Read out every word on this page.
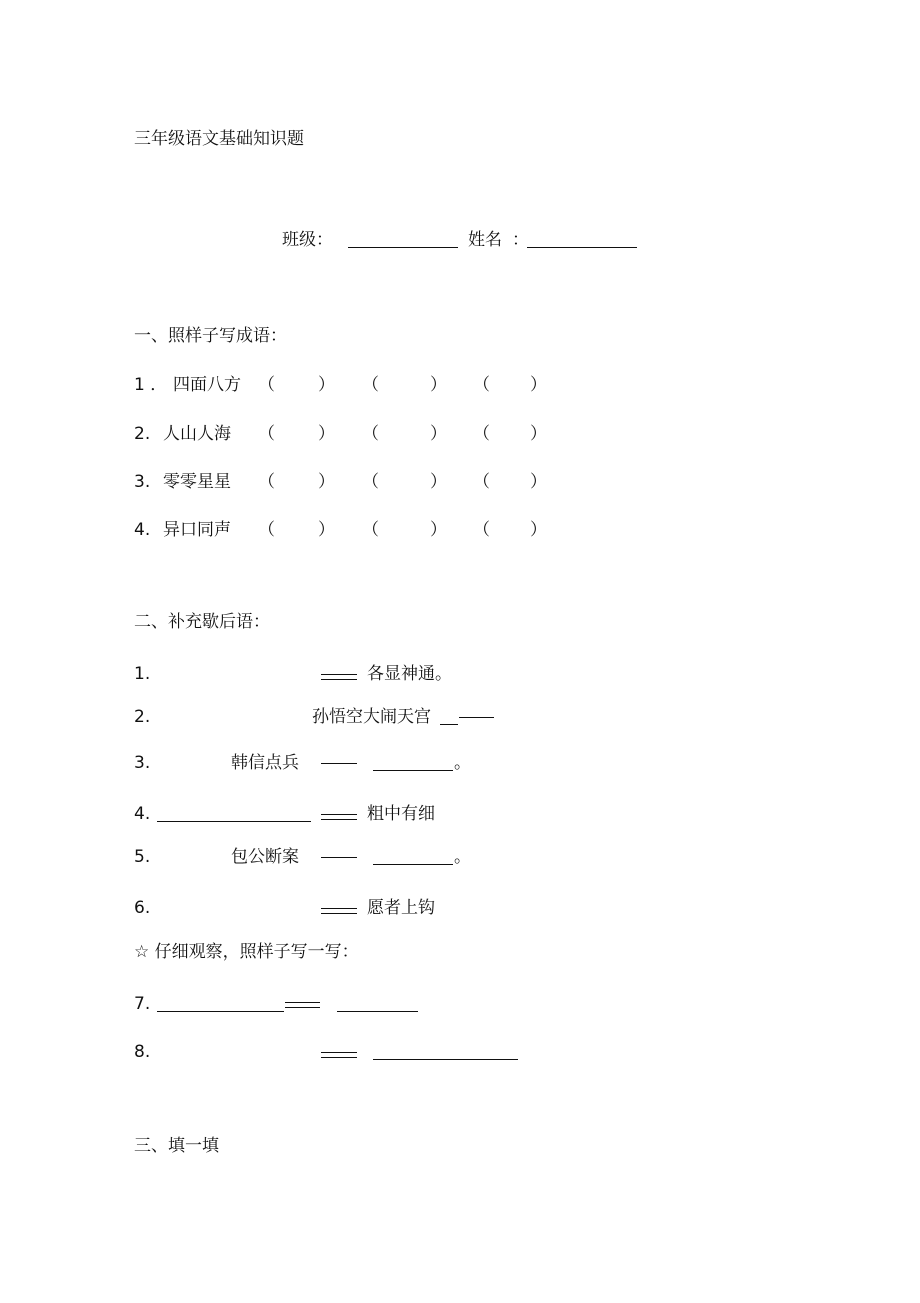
三年级语文基础知识题
班级：	姓名 ：
一、照样子写成语：
1 ． 四面八方 （	） （	） （ ）
2. 人山人海 （	） （	） （ ）
3. 零零星星 （	） （	） （ ）
4. 异口同声 （	） （	） （ ）
二、补充歇后语：
1.	各显神通。
2.	孙悟空大闹天宫
3.	韩信点兵	。
4.	粗中有细
5.	包公断案	。
6.	愿者上钩
☆ 仔细观察，照样子写一写：
7.
8.
三、填一填
